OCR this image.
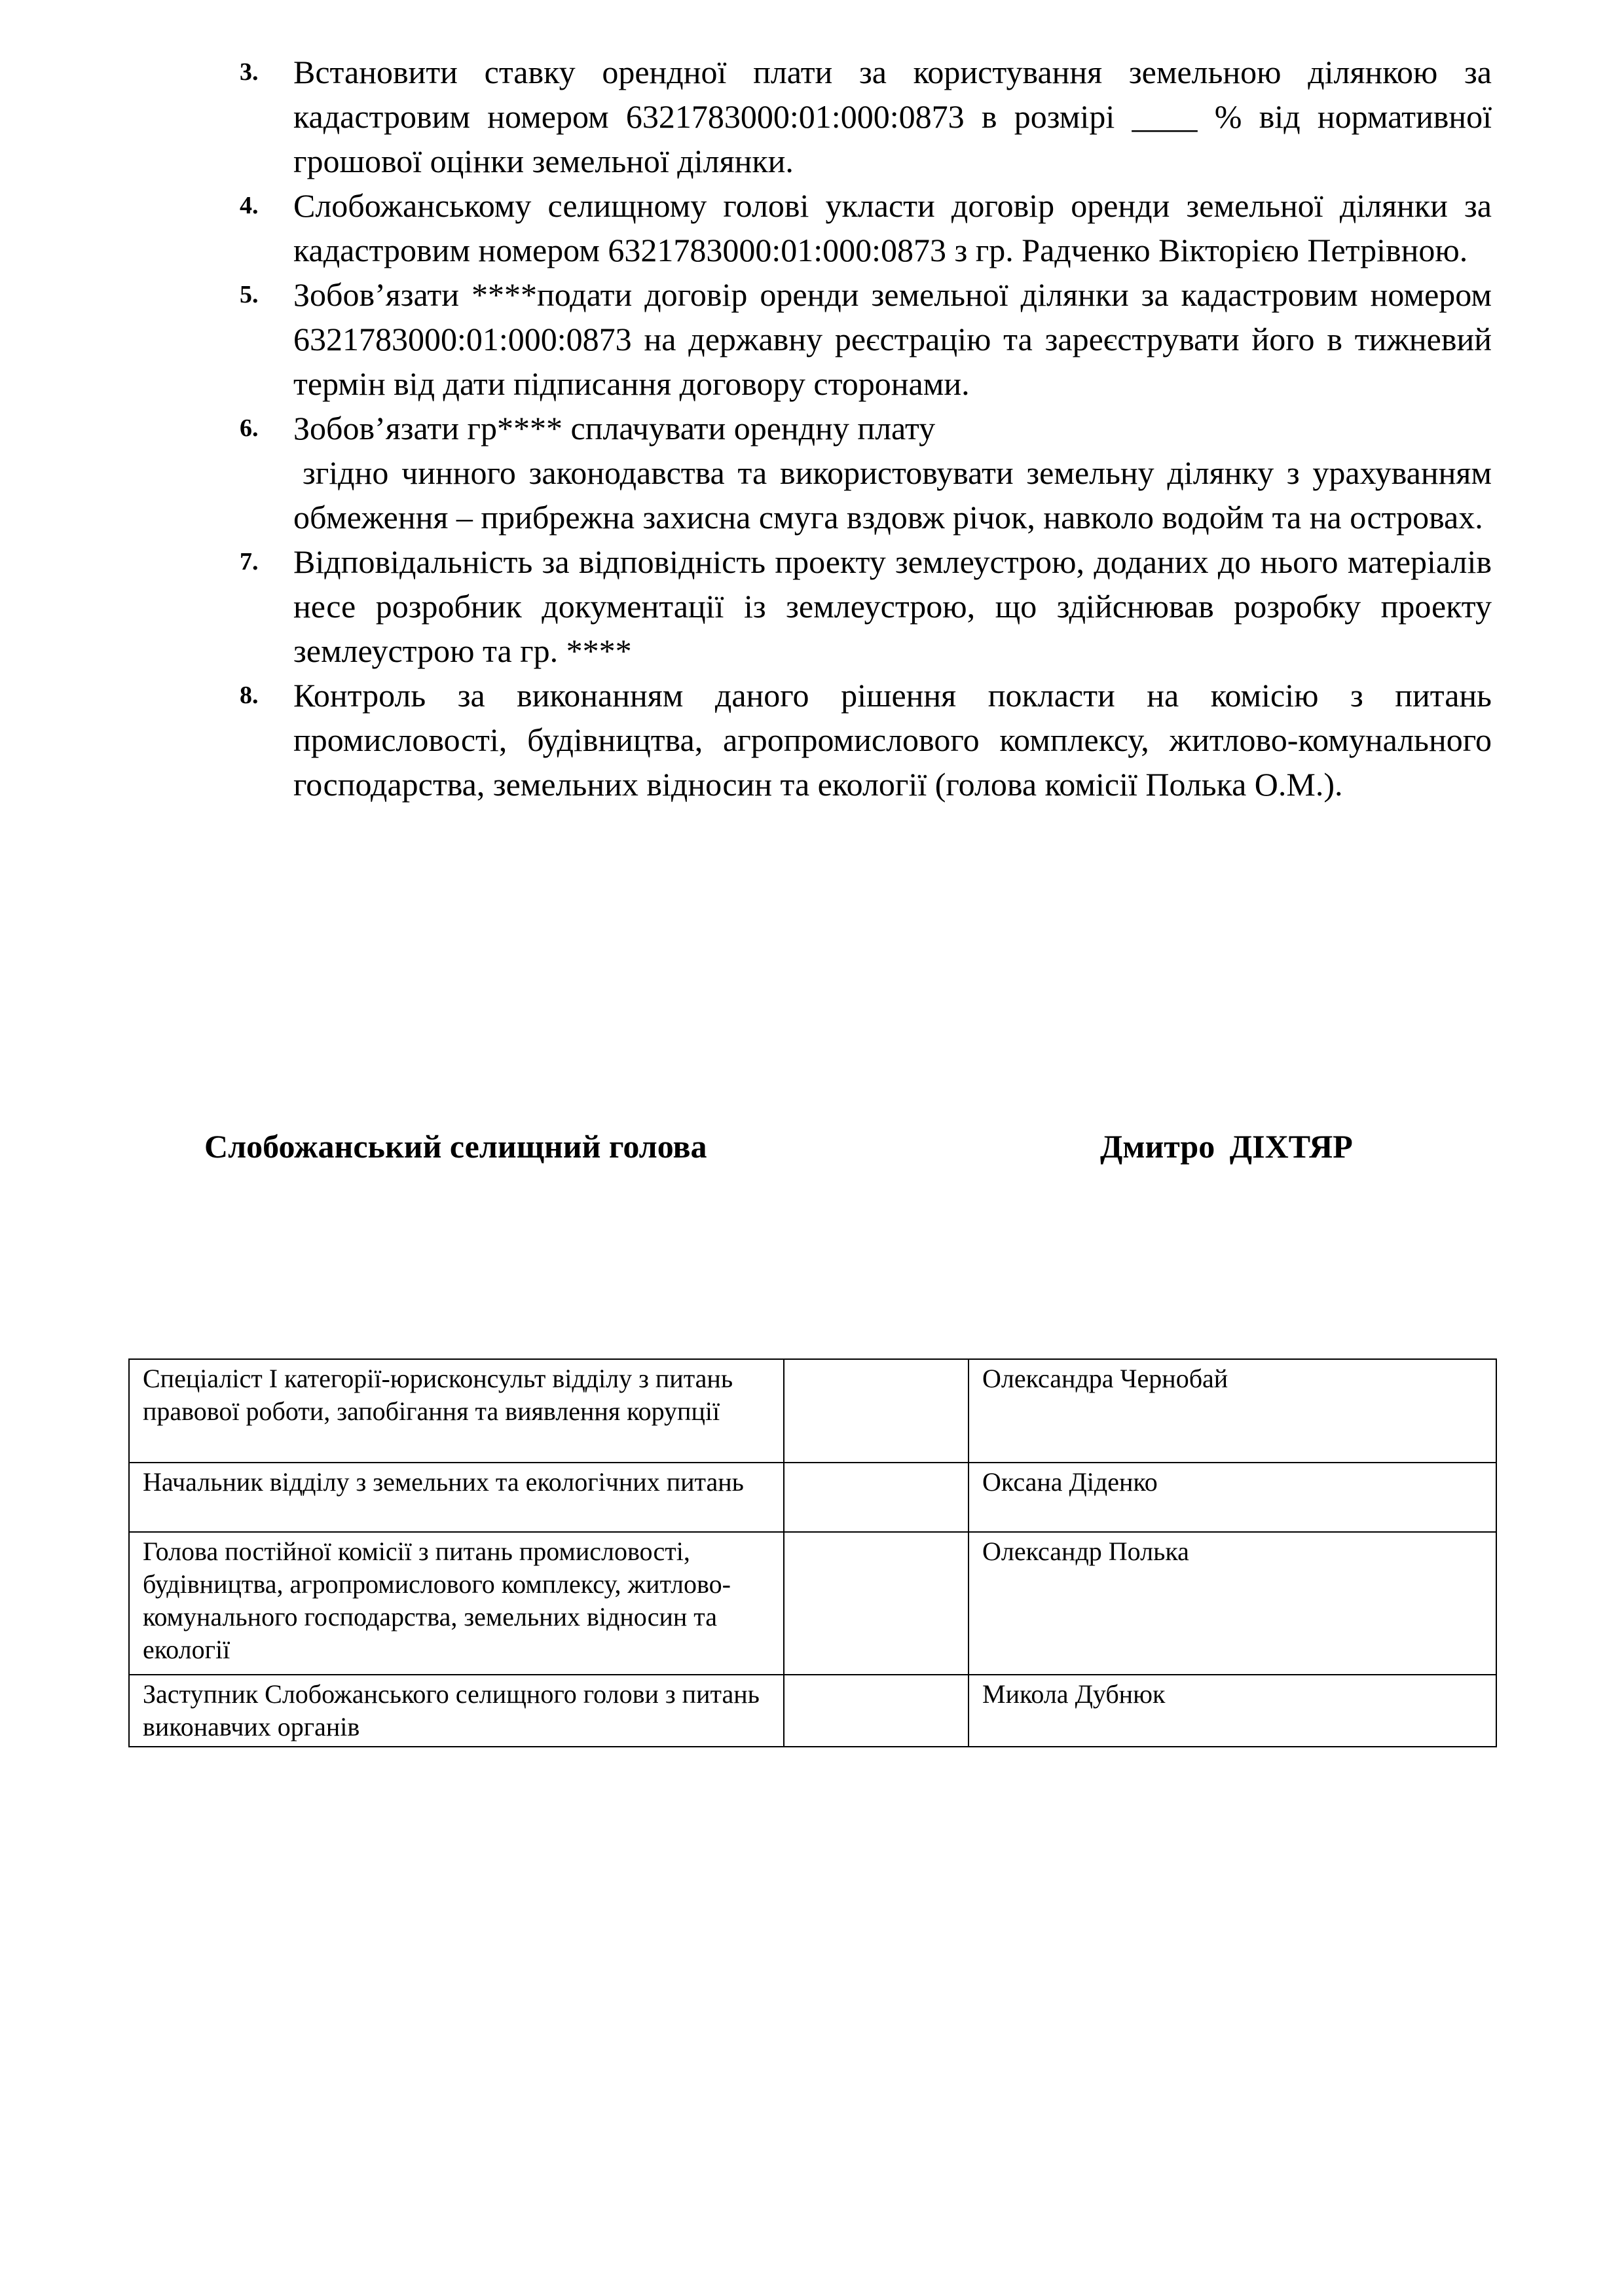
3. Встановити ставку орендної плати за користування земельною ділянкою за кадастровим номером 6321783000:01:000:0873 в розмірі ____ % від нормативної грошової оцінки земельної ділянки.
4. Слобожанському селищному голові укласти договір оренди земельної ділянки за кадастровим номером 6321783000:01:000:0873 з гр. Радченко Вікторією Петрівною.
5. Зобов’язати ****подати договір оренди земельної ділянки за кадастровим номером 6321783000:01:000:0873 на державну реєстрацію та зареєструвати його в тижневий термін від дати підписання договору сторонами.
6. Зобов’язати гр**** сплачувати орендну плату
згідно чинного законодавства та використовувати земельну ділянку з урахуванням обмеження – прибрежна захисна смуга вздовж річок, навколо водойм та на островах.
7. Відповідальність за відповідність проекту землеустрою, доданих до нього матеріалів несе розробник документації із землеустрою, що здійснював розробку проекту землеустрою та гр. ****
8. Контроль за виконанням даного рішення покласти на комісію з питань промисловості, будівництва, агропромислового комплексу, житлово-комунального господарства, земельних відносин та екології (голова комісії Полька О.М.).
Слобожанський селищний голова	Дмитро ДІХТЯР
Спеціаліст І категорії-юрисконсульт відділу з питань правової роботи, запобігання та виявлення корупції		Олександра Чернобай
Начальник відділу з земельних та екологічних питань		Оксана Діденко
Голова постійної комісії з питань промисловості, будівництва, агропромислового комплексу, житлово-комунального господарства, земельних відносин та екології		Олександр Полька
Заступник Слобожанського селищного голови з питань виконавчих органів		Микола Дубнюк
